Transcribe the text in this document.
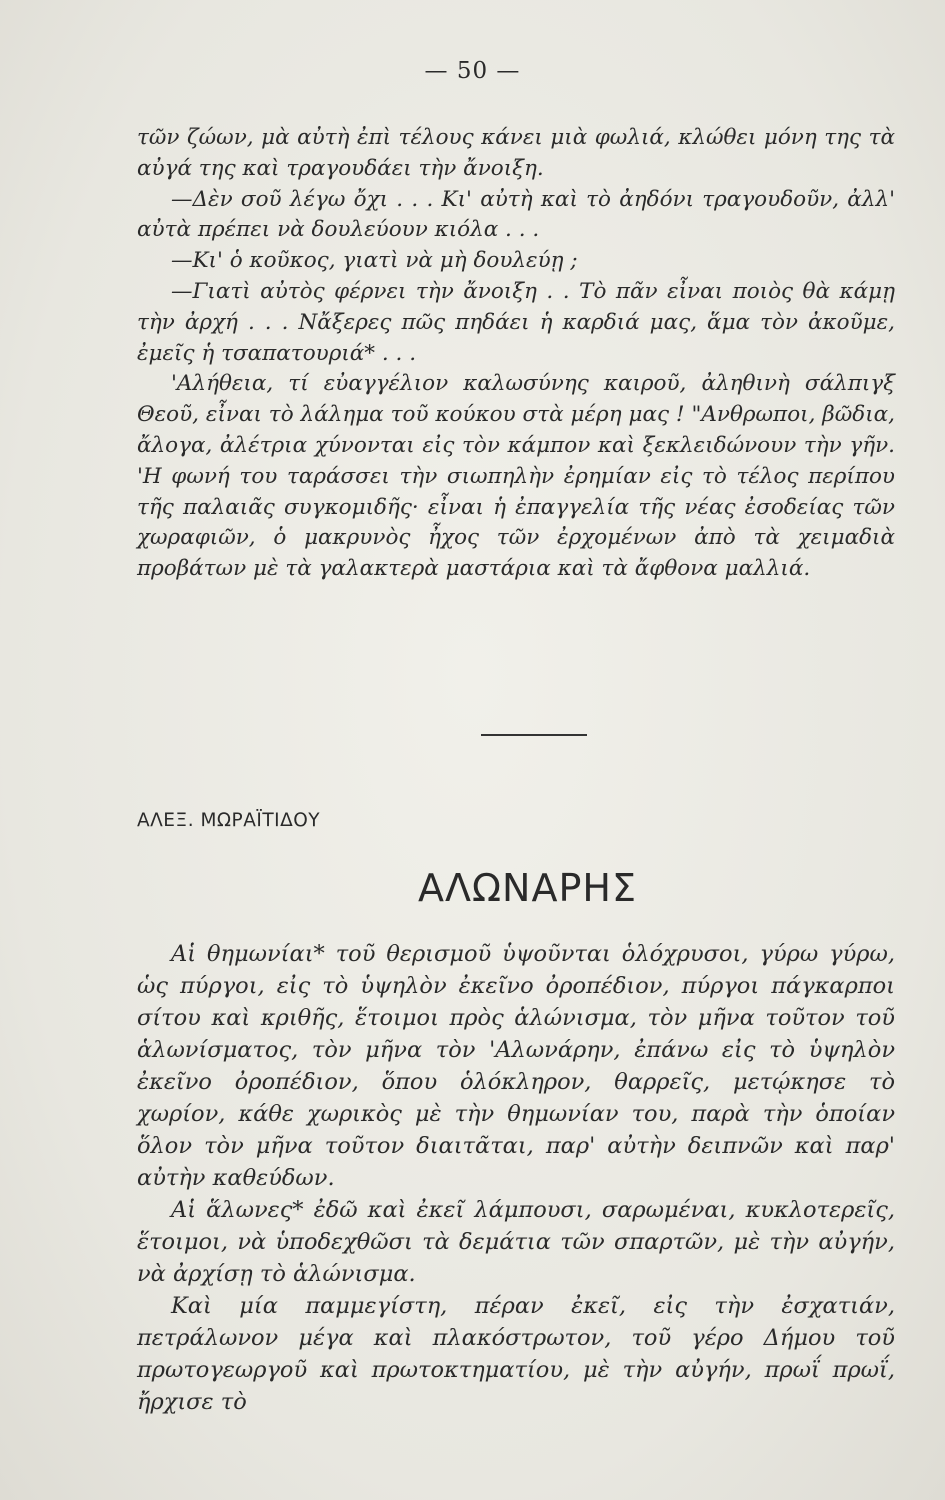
— 50 —

τῶν ζώων, μὰ αὐτὴ ἐπὶ τέλους κάνει μιὰ φωλιά, κλώθει μόνη της τὰ αὐγά της καὶ τραγουδάει τὴν ἄνοιξη.

—Δὲν σοῦ λέγω ὄχι . . . Κι' αὐτὴ καὶ τὸ ἀηδόνι τραγουδοῦν, ἀλλ' αὐτὰ πρέπει νὰ δουλεύουν κιόλα . . .

—Κι' ὁ κοῦκος, γιατὶ νὰ μὴ δουλεύῃ ;

—Γιατὶ αὐτὸς φέρνει τὴν ἄνοιξη . . Τὸ πᾶν εἶναι ποιὸς θὰ κάμῃ τὴν ἀρχή . . . Νἄξερες πῶς πηδάει ἡ καρδιά μας, ἅμα τὸν ἀκοῦμε, ἐμεῖς ἡ τσαπατουριά* . . .

'Αλήθεια, τί εὐαγγέλιον καλωσύνης καιροῦ, ἀληθινὴ σάλπιγξ Θεοῦ, εἶναι τὸ λάλημα τοῦ κούκου στὰ μέρη μας ! "Ανθρωποι, βῶδια, ἄλογα, ἀλέτρια χύνονται εἰς τὸν κάμπον καὶ ξεκλειδώνουν τὴν γῆν. 'Η φωνή του ταράσσει τὴν σιωπηλὴν ἐρημίαν εἰς τὸ τέλος περίπου τῆς παλαιᾶς συγκομιδῆς· εἶναι ἡ ἐπαγγελία τῆς νέας ἐσοδείας τῶν χωραφιῶν, ὁ μακρυνὸς ἦχος τῶν ἐρχομένων ἀπὸ τὰ χειμαδιὰ προβάτων μὲ τὰ γαλακτερὰ μαστάρια καὶ τὰ ἄφθονα μαλλιά.

ΑΛΕΞ. ΜΩΡΑΪΤΙΔΟΥ
ΑΛΩΝΑΡΗΣ

Αἱ θημωνίαι* τοῦ θερισμοῦ ὑψοῦνται ὁλόχρυσοι, γύρω γύρω, ὡς πύργοι, εἰς τὸ ὑψηλὸν ἐκεῖνο ὀροπέδιον, πύργοι πάγκαρποι σίτου καὶ κριθῆς, ἕτοιμοι πρὸς ἁλώνισμα, τὸν μῆνα τοῦτον τοῦ ἁλωνίσματος, τὸν μῆνα τὸν 'Αλωνάρην, ἐπάνω εἰς τὸ ὑψηλὸν ἐκεῖνο ὀροπέδιον, ὅπου ὁλόκληρον, θαρρεῖς, μετῴκησε τὸ χωρίον, κάθε χωρικὸς μὲ τὴν θημωνίαν του, παρὰ τὴν ὁποίαν ὅλον τὸν μῆνα τοῦτον διαιτᾶται, παρ' αὐτὴν δειπνῶν καὶ παρ' αὐτὴν καθεύδων.

Αἱ ἅλωνες* ἐδῶ καὶ ἐκεῖ λάμπουσι, σαρωμέναι, κυκλοτερεῖς, ἕτοιμοι, νὰ ὑποδεχθῶσι τὰ δεμάτια τῶν σπαρτῶν, μὲ τὴν αὐγήν, νὰ ἀρχίσῃ τὸ ἁλώνισμα.

Καὶ μία παμμεγίστη, πέραν ἐκεῖ, εἰς τὴν ἐσχατιάν, πετράλωνον μέγα καὶ πλακόστρωτον, τοῦ γέρο Δήμου τοῦ πρωτογεωργοῦ καὶ πρωτοκτηματίου, μὲ τὴν αὐγήν, πρωΐ πρωΐ, ἤρχισε τὸ
